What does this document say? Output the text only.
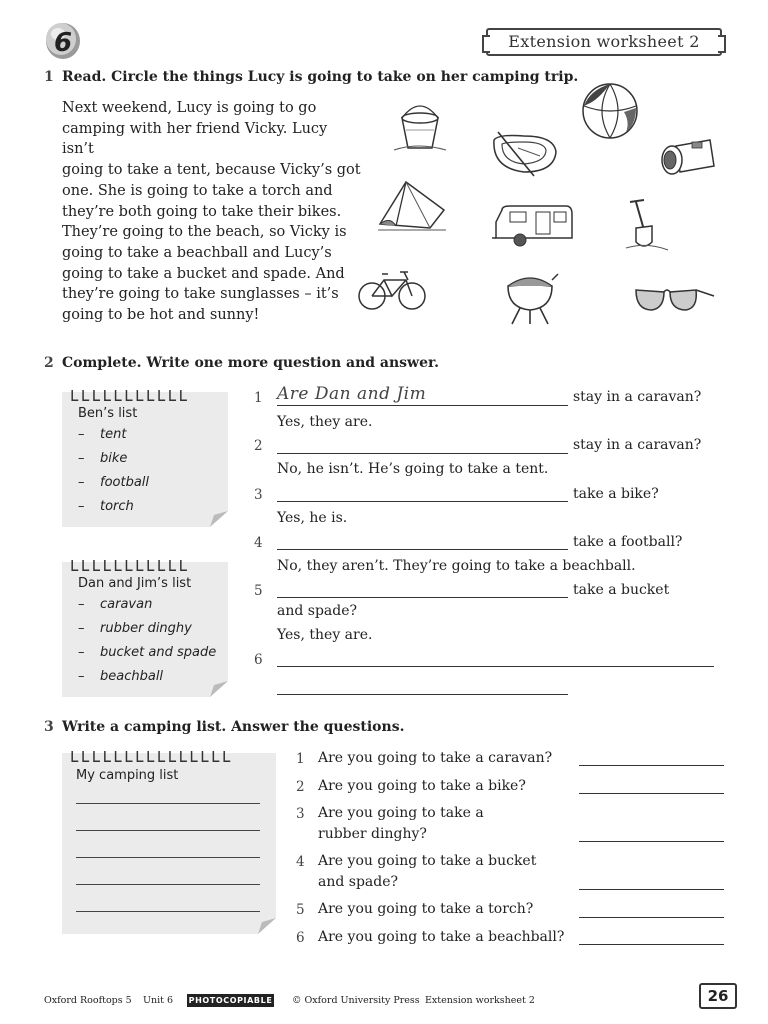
6	Extension worksheet 2
1 Read. Circle the things Lucy is going to take on her camping trip.
Next weekend, Lucy is going to go
camping with her friend Vicky. Lucy isn’t
going to take a tent, because Vicky’s got
one. She is going to take a torch and
they’re both going to take their bikes.
They’re going to the beach, so Vicky is
going to take a beachball and Lucy’s
going to take a bucket and spade. And
they’re going to take sunglasses – it’s
going to be hot and sunny!
2 Complete. Write one more question and answer.
ᒪᒪᒪᒪᒪᒪᒪᒪᒪᒪᒪ
Ben’s list
– tent
– bike
– football
– torch
ᒪᒪᒪᒪᒪᒪᒪᒪᒪᒪᒪ
Dan and Jim’s list
– caravan
– rubber dinghy
– bucket and spade
– beachball
1 Are Dan and Jim	stay in a caravan?
Yes, they are.
2	stay in a caravan?
No, he isn’t. He’s going to take a tent.
3	take a bike?
Yes, he is.
4	take a football?
No, they aren’t. They’re going to take a beachball.
5	take a bucket
and spade?
Yes, they are.
6
3 Write a camping list. Answer the questions.
ᒪᒪᒪᒪᒪᒪᒪᒪᒪᒪᒪᒪᒪᒪᒪ
My camping list
1 Are you going to take a caravan?
2 Are you going to take a bike?
3 Are you going to take a
rubber dinghy?
4 Are you going to take a bucket
and spade?
5 Are you going to take a torch?
6 Are you going to take a beachball?
Oxford Rooftops 5 Unit 6 PHOTOCOPIABLE © Oxford University Press Extension worksheet 2	26
